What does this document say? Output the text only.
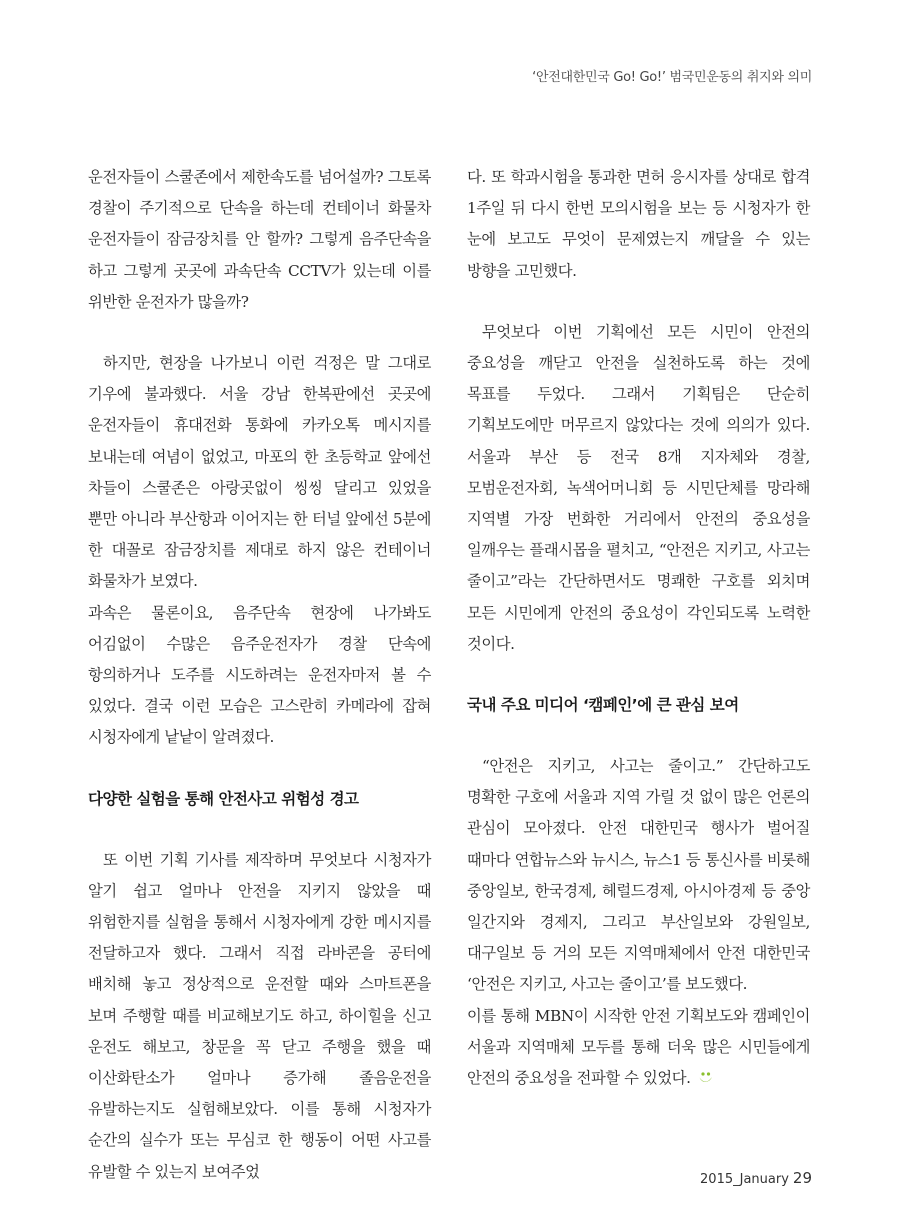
‘안전대한민국 Go! Go!’ 범국민운동의 취지와 의미

운전자들이 스쿨존에서 제한속도를 넘어설까? 그토록 경찰이 주기적으로 단속을 하는데 컨테이너 화물차 운전자들이 잠금장치를 안 할까? 그렇게 음주단속을 하고 그렇게 곳곳에 과속단속 CCTV가 있는데 이를 위반한 운전자가 많을까?

하지만, 현장을 나가보니 이런 걱정은 말 그대로 기우에 불과했다. 서울 강남 한복판에선 곳곳에 운전자들이 휴대전화 통화에 카카오톡 메시지를 보내는데 여념이 없었고, 마포의 한 초등학교 앞에선 차들이 스쿨존은 아랑곳없이 씽씽 달리고 있었을 뿐만 아니라 부산항과 이어지는 한 터널 앞에선 5분에 한 대꼴로 잠금장치를 제대로 하지 않은 컨테이너 화물차가 보였다.

과속은 물론이요, 음주단속 현장에 나가봐도 어김없이 수많은 음주운전자가 경찰 단속에 항의하거나 도주를 시도하려는 운전자마저 볼 수 있었다. 결국 이런 모습은 고스란히 카메라에 잡혀 시청자에게 낱낱이 알려졌다.

다양한 실험을 통해 안전사고 위험성 경고

또 이번 기획 기사를 제작하며 무엇보다 시청자가 알기 쉽고 얼마나 안전을 지키지 않았을 때 위험한지를 실험을 통해서 시청자에게 강한 메시지를 전달하고자 했다. 그래서 직접 라바콘을 공터에 배치해 놓고 정상적으로 운전할 때와 스마트폰을 보며 주행할 때를 비교해보기도 하고, 하이힐을 신고 운전도 해보고, 창문을 꼭 닫고 주행을 했을 때 이산화탄소가 얼마나 증가해 졸음운전을 유발하는지도 실험해보았다. 이를 통해 시청자가 순간의 실수가 또는 무심코 한 행동이 어떤 사고를 유발할 수 있는지 보여주었

다. 또 학과시험을 통과한 면허 응시자를 상대로 합격 1주일 뒤 다시 한번 모의시험을 보는 등 시청자가 한 눈에 보고도 무엇이 문제였는지 깨달을 수 있는 방향을 고민했다.

무엇보다 이번 기획에선 모든 시민이 안전의 중요성을 깨닫고 안전을 실천하도록 하는 것에 목표를 두었다. 그래서 기획팀은 단순히 기획보도에만 머무르지 않았다는 것에 의의가 있다. 서울과 부산 등 전국 8개 지자체와 경찰, 모범운전자회, 녹색어머니회 등 시민단체를 망라해 지역별 가장 번화한 거리에서 안전의 중요성을 일깨우는 플래시몹을 펼치고, “안전은 지키고, 사고는 줄이고”라는 간단하면서도 명쾌한 구호를 외치며 모든 시민에게 안전의 중요성이 각인되도록 노력한 것이다.

국내 주요 미디어 ‘캠페인’에 큰 관심 보여

“안전은 지키고, 사고는 줄이고.” 간단하고도 명확한 구호에 서울과 지역 가릴 것 없이 많은 언론의 관심이 모아졌다. 안전 대한민국 행사가 벌어질 때마다 연합뉴스와 뉴시스, 뉴스1 등 통신사를 비롯해 중앙일보, 한국경제, 헤럴드경제, 아시아경제 등 중앙 일간지와 경제지, 그리고 부산일보와 강원일보, 대구일보 등 거의 모든 지역매체에서 안전 대한민국 ‘안전은 지키고, 사고는 줄이고’를 보도했다.

이를 통해 MBN이 시작한 안전 기획보도와 캠페인이 서울과 지역매체 모두를 통해 더욱 많은 시민들에게 안전의 중요성을 전파할 수 있었다.

2015_January 29
